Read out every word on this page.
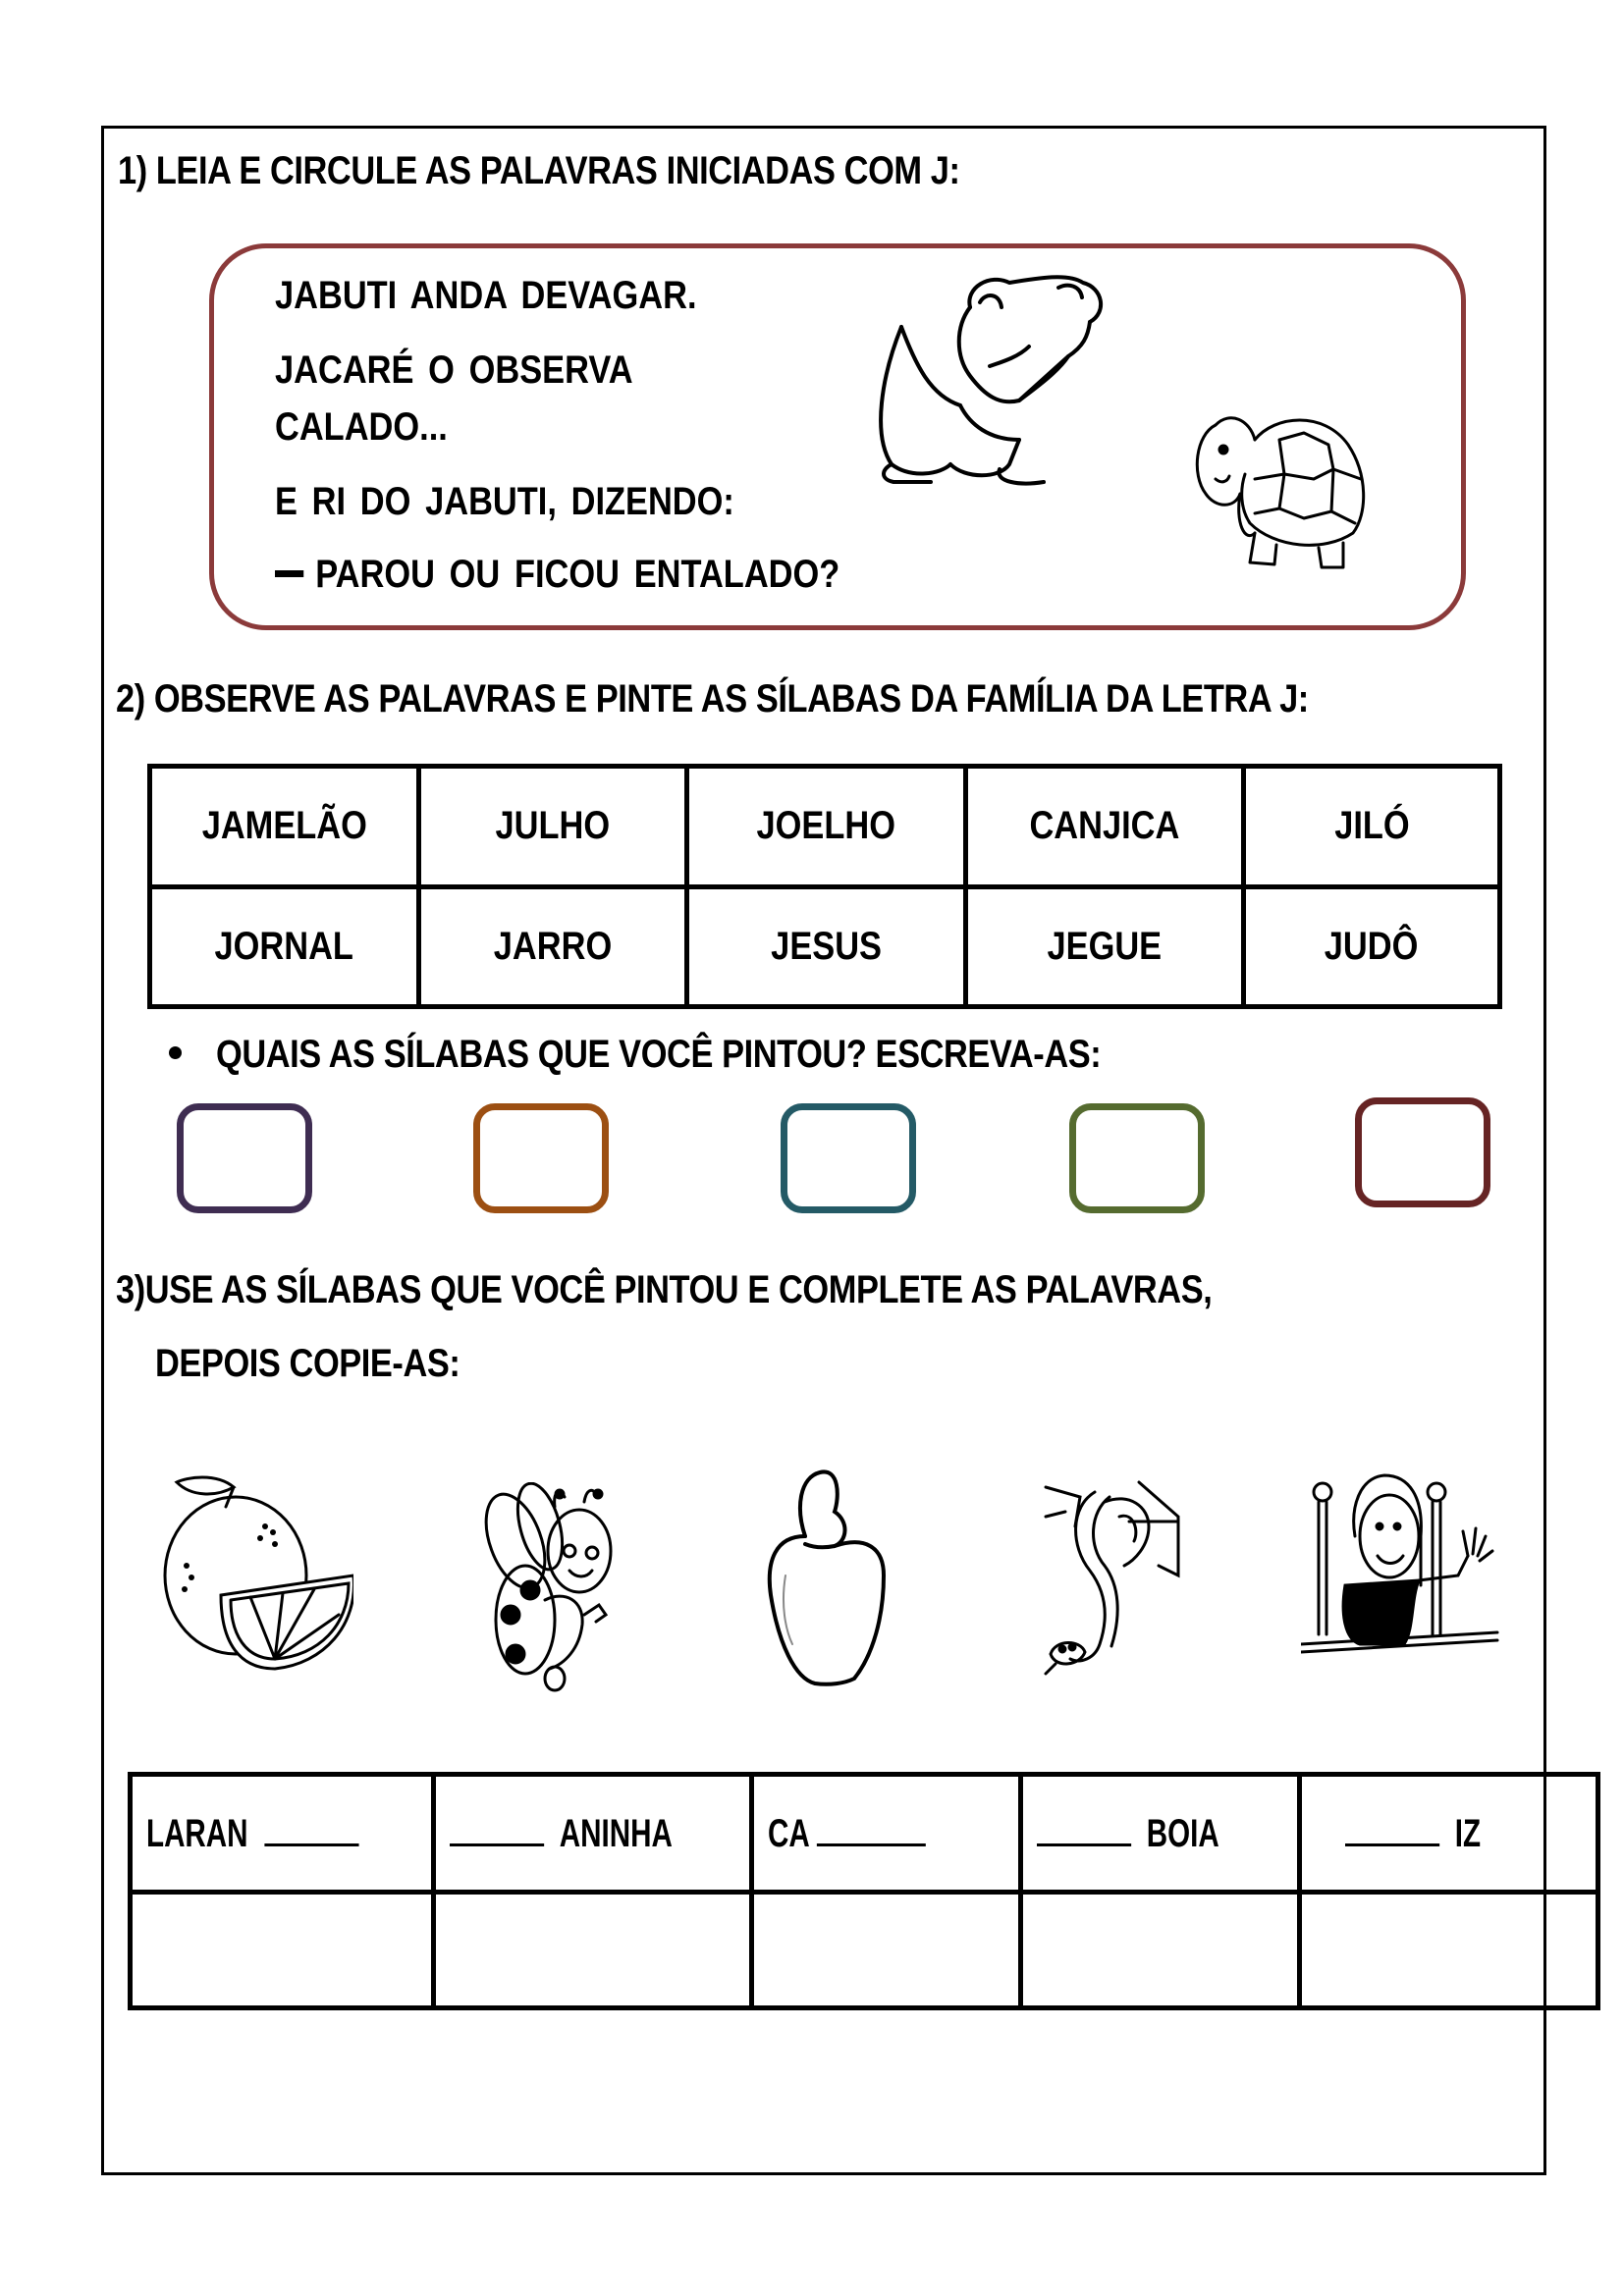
1) LEIA E CIRCULE AS PALAVRAS INICIADAS COM J:
JABUTI ANDA DEVAGAR.
JACARÉ O OBSERVA
CALADO...
E RI DO JABUTI, DIZENDO:
PAROU OU FICOU ENTALADO?
2) OBSERVE AS PALAVRAS E PINTE AS SÍLABAS DA FAMÍLIA DA LETRA J:
JAMELÃO	JULHO	JOELHO	CANJICA	JILÓ
JORNAL	JARRO	JESUS	JEGUE	JUDÔ
QUAIS AS SÍLABAS QUE VOCÊ PINTOU? ESCREVA-AS:
3)USE AS SÍLABAS QUE VOCÊ PINTOU E COMPLETE AS PALAVRAS,
DEPOIS COPIE-AS:
LARAN	ANINHA	CA	BOIA	IZ
